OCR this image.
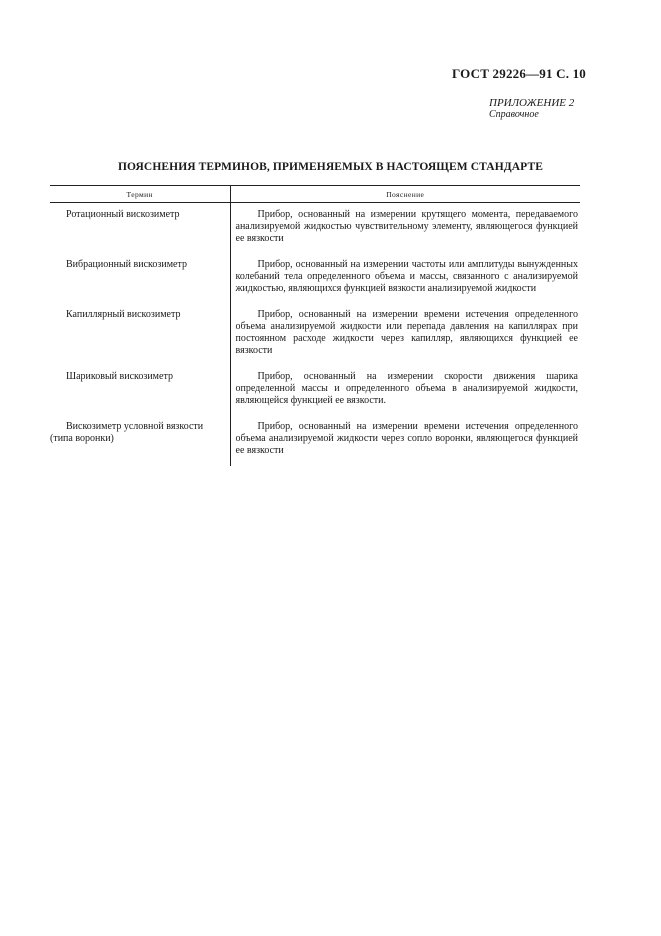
ГОСТ 29226—91 С. 10
ПРИЛОЖЕНИЕ 2
Справочное
ПОЯСНЕНИЯ ТЕРМИНОВ, ПРИМЕНЯЕМЫХ В НАСТОЯЩЕМ СТАНДАРТЕ
Термин	Пояснение

Ротационный вискозиметр	Прибор, основанный на измерении крутящего момента, передаваемого анализируемой жидкостью чувствительному элементу, являющегося функцией ее вязкости

Вибрационный вискозиметр	Прибор, основанный на измерении частоты или амплитуды вынужденных колебаний тела определенного объема и массы, связанного с анализируемой жидкостью, являющихся функцией вязкости анализируемой жидкости

Капиллярный вискозиметр	Прибор, основанный на измерении времени истечения определенного объема анализируемой жидкости или перепада давления на капиллярах при постоянном расходе жидкости через капилляр, являющихся функцией ее вязкости

Шариковый вискозиметр	Прибор, основанный на измерении скорости движения шарика определенной массы и определенного объема в анализируемой жидкости, являющейся функцией ее вязкости.

Вискозиметр условной вязкости (типа воронки)	Прибор, основанный на измерении времени истечения определенного объема анализируемой жидкости через сопло воронки, являющегося функцией ее вязкости
